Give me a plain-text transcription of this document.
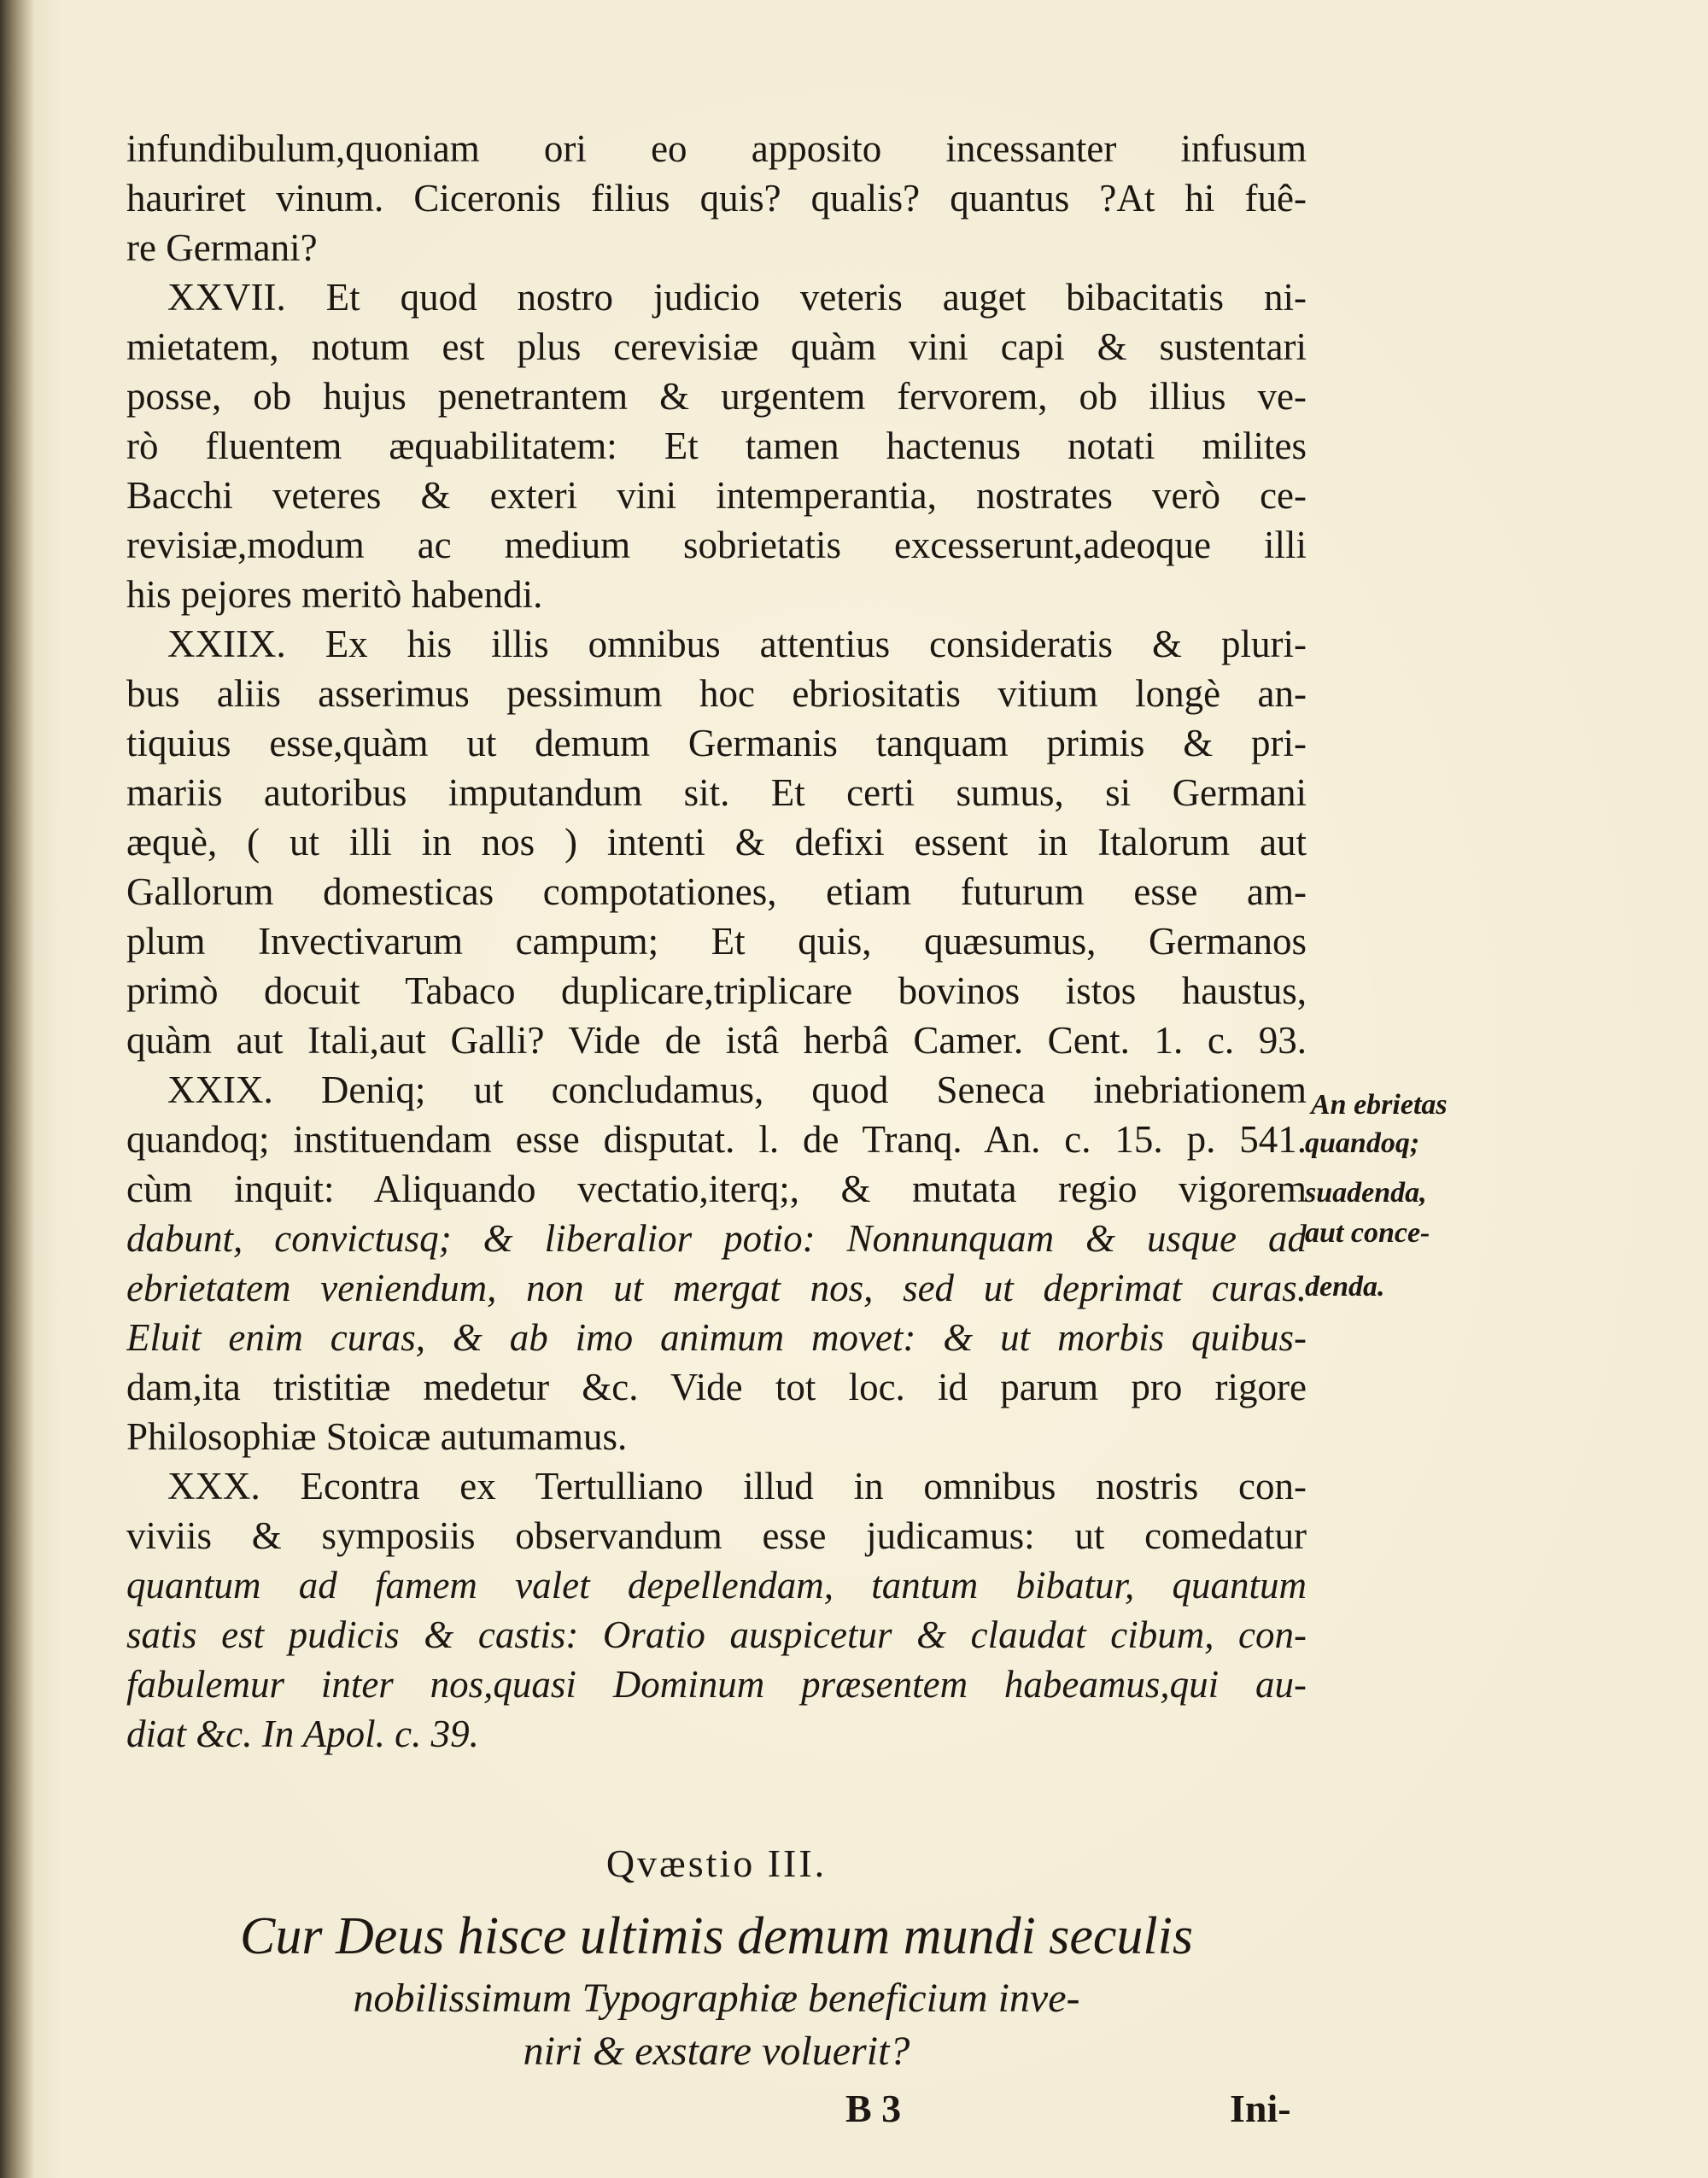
infundibulum,quoniam ori eo apposito incessanter infusum
hauriret vinum. Ciceronis filius quis? qualis? quantus ?At hi fuê-
re Germani?
XXVII. Et quod nostro judicio veteris auget bibacitatis ni-
mietatem, notum est plus cerevisiæ quàm vini capi & sustentari
posse, ob hujus penetrantem & urgentem fervorem, ob illius ve-
rò fluentem æquabilitatem: Et tamen hactenus notati milites
Bacchi veteres & exteri vini intemperantia, nostrates verò ce-
revisiæ,modum ac medium sobrietatis excesserunt,adeoque illi
his pejores meritò habendi.
XXIIX. Ex his illis omnibus attentius consideratis & pluri-
bus aliis asserimus pessimum hoc ebriositatis vitium longè an-
tiquius esse,quàm ut demum Germanis tanquam primis & pri-
mariis autoribus imputandum sit. Et certi sumus, si Germani
æquè, ( ut illi in nos ) intenti & defixi essent in Italorum aut
Gallorum domesticas compotationes, etiam futurum esse am-
plum Invectivarum campum; Et quis, quæsumus, Germanos
primò docuit Tabaco duplicare,triplicare bovinos istos haustus,
quàm aut Itali,aut Galli? Vide de istâ herbâ Camer. Cent. 1. c. 93.
XXIX. Deniq; ut concludamus, quod Seneca inebriationem
quandoq; instituendam esse disputat. l. de Tranq. An. c. 15. p. 541.
cùm inquit: Aliquando vectatio,iterq;, & mutata regio vigorem
dabunt, convictusq; & liberalior potio: Nonnunquam & usque ad
ebrietatem veniendum, non ut mergat nos, sed ut deprimat curas.
Eluit enim curas, & ab imo animum movet: & ut morbis quibus-
dam,ita tristitiæ medetur &c. Vide tot loc. id parum pro rigore
Philosophiæ Stoicæ autumamus.
XXX. Econtra ex Tertulliano illud in omnibus nostris con-
viviis & symposiis observandum esse judicamus: ut comedatur
quantum ad famem valet depellendam, tantum bibatur, quantum
satis est pudicis & castis: Oratio auspicetur & claudat cibum, con-
fabulemur inter nos,quasi Dominum præsentem habeamus,qui au-
diat &c. In Apol. c. 39.
An ebrietas
quandoq;
suadenda,
aut conce-
denda.
Qvæstio III.
Cur Deus hisce ultimis demum mundi seculis
nobilissimum Typographiæ beneficium inve-
niri & exstare voluerit?
B 3	Ini-
